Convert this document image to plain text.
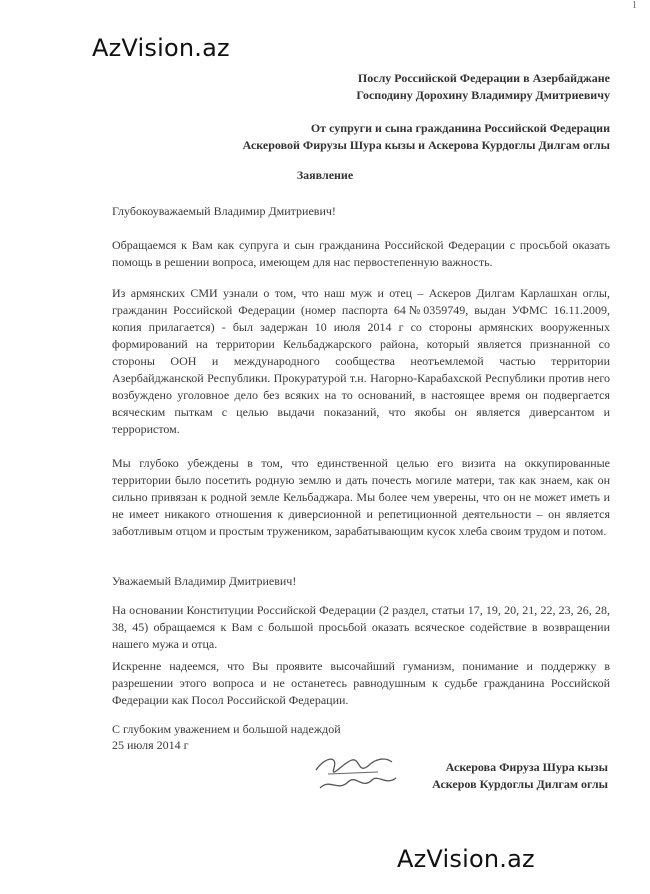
AzVision.az
1
Послу Российской Федерации в Азербайджане
Господину Дорохину Владимиру Дмитриевичу
От супруги и сына гражданина Российской Федерации
Аскеровой Фирузы Шура кызы и Аскерова Курдоглы Дилгам оглы
Заявление
Глубокоуважаемый Владимир Дмитриевич!
Обращаемся к Вам как супруга и сын гражданина Российской Федерации с просьбой оказать помощь в решении вопроса, имеющем для нас первостепенную важность.
Из армянских СМИ узнали о том, что наш муж и отец – Аскеров Дилгам Карлашхан оглы, гражданин Российской Федерации (номер паспорта 64№0359749, выдан УФМС 16.11.2009, копия прилагается) - был задержан 10 июля 2014 г со стороны армянских вооруженных формирований на территории Кельбаджарского района, который является признанной со стороны ООН и международного сообщества неотъемлемой частью территории Азербайджанской Республики. Прокуратурой т.н. Нагорно-Карабахской Республики против него возбуждено уголовное дело без всяких на то оснований, в настоящее время он подвергается всяческим пыткам с целью выдачи показаний, что якобы он является диверсантом и террористом.
Мы глубоко убеждены в том, что единственной целью его визита на оккупированные территории было посетить родную землю и дать почесть могиле матери, так как знаем, как он сильно привязан к родной земле Кельбаджара. Мы более чем уверены, что он не может иметь и не имеет никакого отношения к диверсионной и репетиционной деятельности – он является заботливым отцом и простым тружеником, зарабатывающим кусок хлеба своим трудом и потом.
Уважаемый Владимир Дмитриевич!
На основании Конституции Российской Федерации (2 раздел, статьи 17, 19, 20, 21, 22, 23, 26, 28, 38, 45) обращаемся к Вам с большой просьбой оказать всяческое содействие в возвращении нашего мужа и отца.
Искренне надеемся, что Вы проявите высочайший гуманизм, понимание и поддержку в разрешении этого вопроса и не останетесь равнодушным к судьбе гражданина Российской Федерации как Посол Российской Федерации.
С глубоким уважением и большой надеждой
25 июля 2014 г
Аскерова Фируза Шура кызы
Аскеров Курдоглы Дилгам оглы
AzVision.az
